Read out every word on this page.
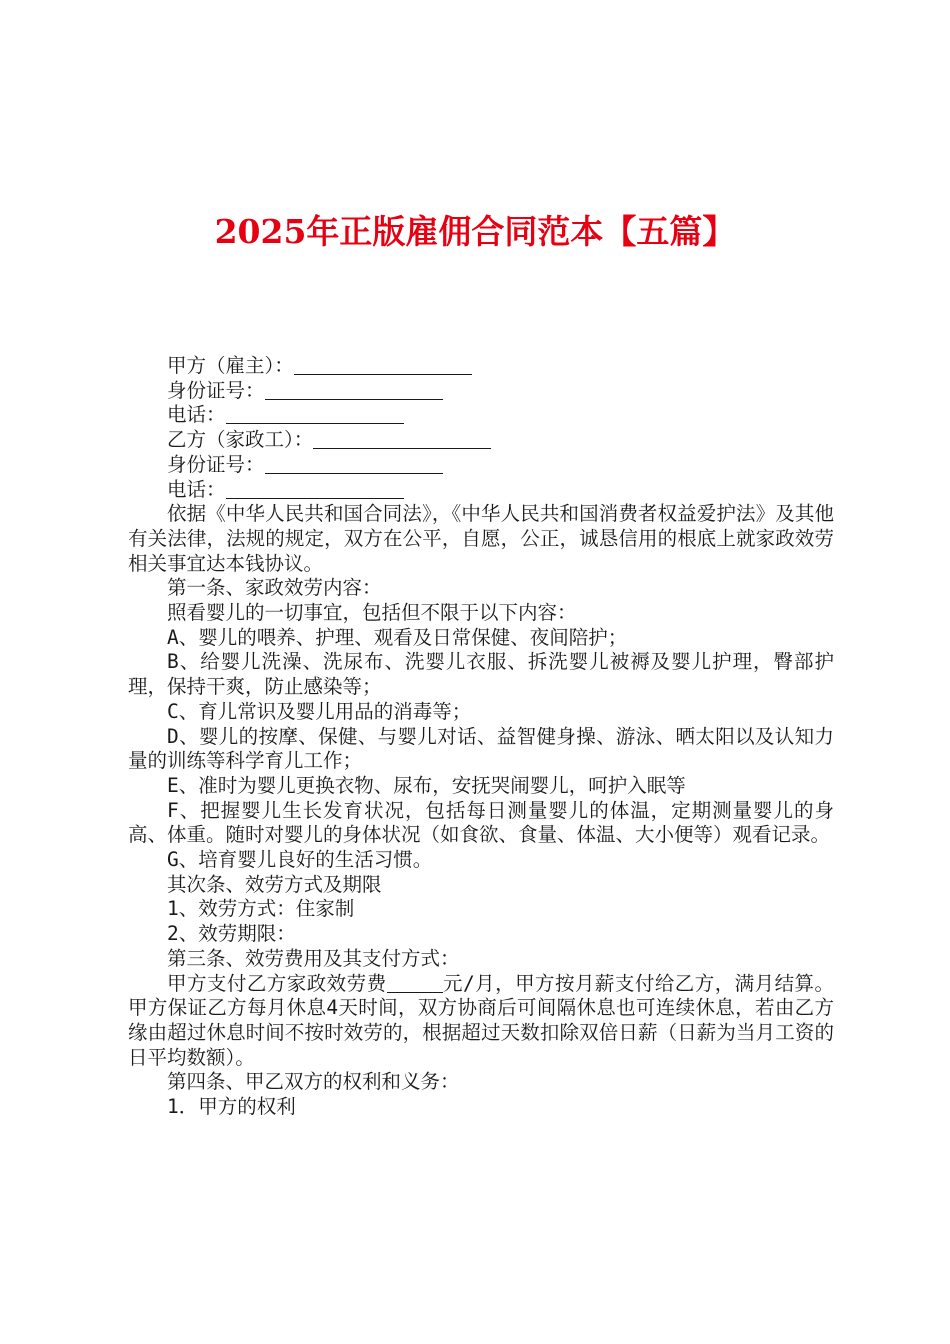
2025年正版雇佣合同范本【五篇】

甲方（雇主）：

身份证号：

电话：

乙方（家政工）：

身份证号：

电话：

依据《中华人民共和国合同法》，《中华人民共和国消费者权益爱护法》及其他有关法律，法规的规定，双方在公平，自愿，公正，诚恳信用的根底上就家政效劳相关事宜达本钱协议。

第一条、家政效劳内容：

照看婴儿的一切事宜，包括但不限于以下内容：

A、婴儿的喂养、护理、观看及日常保健、夜间陪护；

B、给婴儿洗澡、洗尿布、洗婴儿衣服、拆洗婴儿被褥及婴儿护理，臀部护理，保持干爽，防止感染等；

C、育儿常识及婴儿用品的消毒等；

D、婴儿的按摩、保健、与婴儿对话、益智健身操、游泳、晒太阳以及认知力量的训练等科学育儿工作；

E、准时为婴儿更换衣物、尿布，安抚哭闹婴儿，呵护入眠等

F、把握婴儿生长发育状况，包括每日测量婴儿的体温，定期测量婴儿的身高、体重。随时对婴儿的身体状况（如食欲、食量、体温、大小便等）观看记录。

G、培育婴儿良好的生活习惯。

其次条、效劳方式及期限

1、效劳方式：住家制

2、效劳期限：

第三条、效劳费用及其支付方式：

甲方支付乙方家政效劳费	元/月，甲方按月薪支付给乙方，满月结算。甲方保证乙方每月休息4天时间，双方协商后可间隔休息也可连续休息，若由乙方缘由超过休息时间不按时效劳的，根据超过天数扣除双倍日薪（日薪为当月工资的日平均数额）。

第四条、甲乙双方的权利和义务：

1．甲方的权利
